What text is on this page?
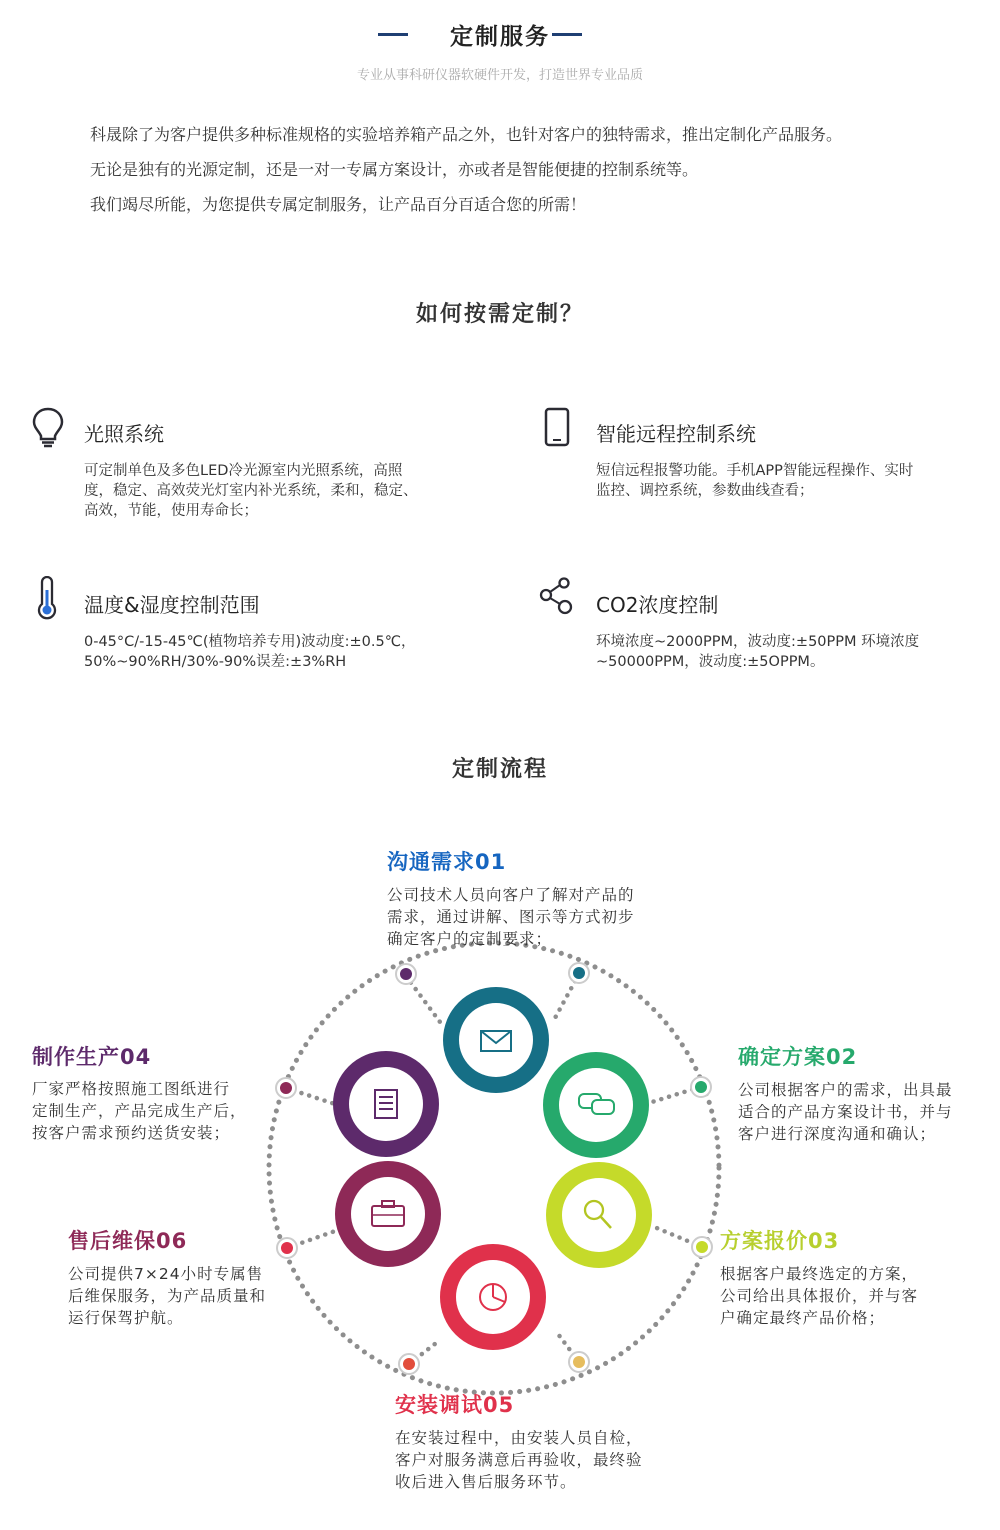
定制服务
专业从事科研仪器软硬件开发，打造世界专业品质
科晟除了为客户提供多种标准规格的实验培养箱产品之外，也针对客户的独特需求，推出定制化产品服务。
无论是独有的光源定制，还是一对一专属方案设计，亦或者是智能便捷的控制系统等。
我们竭尽所能，为您提供专属定制服务，让产品百分百适合您的所需！
如何按需定制？
光照系统
可定制单色及多色LED冷光源室内光照系统，高照
度，稳定、高效荧光灯室内补光系统，柔和，稳定、
高效，节能，使用寿命长；
智能远程控制系统
短信远程报警功能。手机APP智能远程操作、实时
监控、调控系统，参数曲线查看；
温度&湿度控制范围
0-45°C/-15-45℃(植物培养专用)波动度:±0.5℃，
50%~90%RH/30%-90%误差:±3%RH
CO2浓度控制
环境浓度~2000PPM，波动度:±50PPM 环境浓度
~50000PPM，波动度:±5OPPM。
定制流程
沟通需求01
公司技术人员向客户了解对产品的
需求，通过讲解、图示等方式初步
确定客户的定制要求；
确定方案02
公司根据客户的需求，出具最
适合的产品方案设计书，并与
客户进行深度沟通和确认；
方案报价03
根据客户最终选定的方案，
公司给出具体报价，并与客
户确定最终产品价格；
制作生产04
厂家严格按照施工图纸进行
定制生产，产品完成生产后，
按客户需求预约送货安装；
安装调试05
在安装过程中，由安装人员自检，
客户对服务满意后再验收，最终验
收后进入售后服务环节。
售后维保06
公司提供7×24小时专属售
后维保服务，为产品质量和
运行保驾护航。
